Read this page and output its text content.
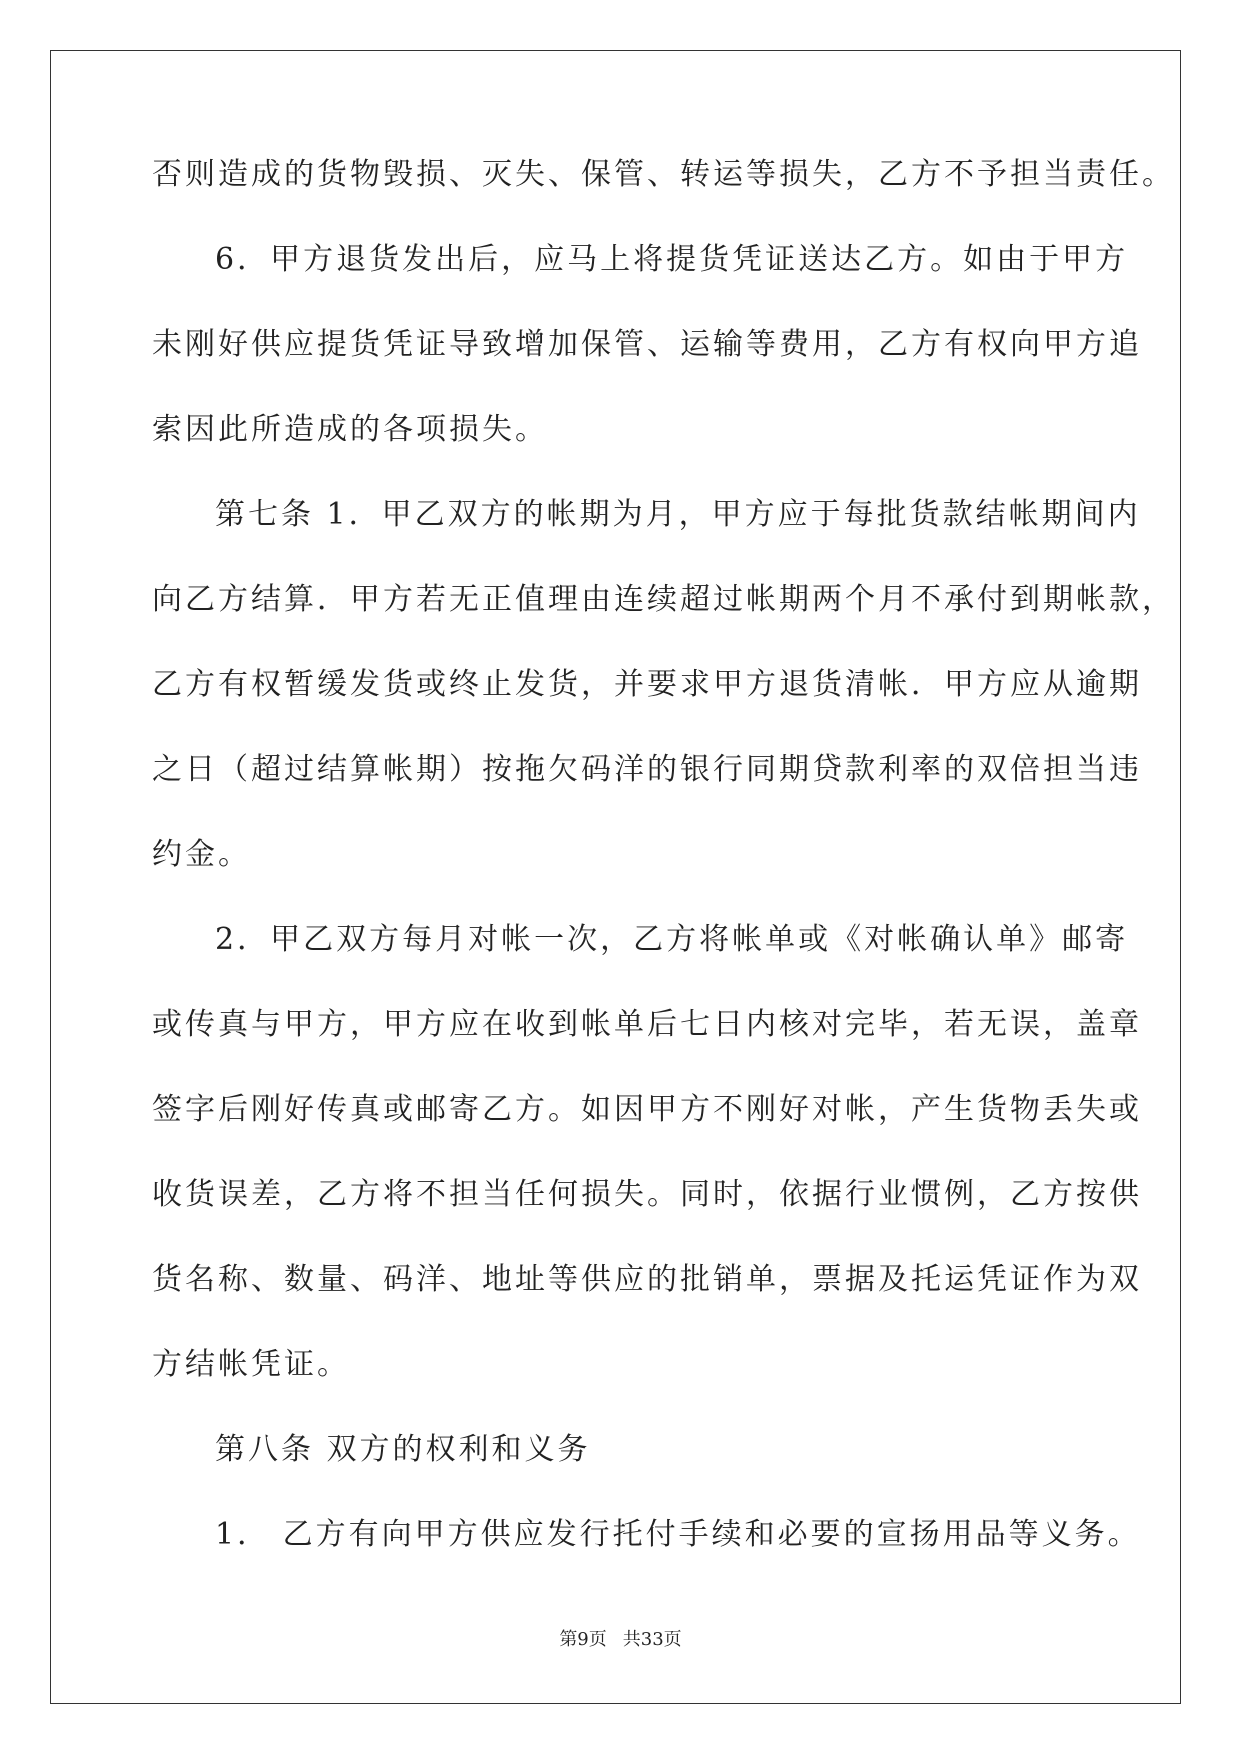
否则造成的货物毁损、灭失、保管、转运等损失，乙方不予担当责任。
6．甲方退货发出后，应马上将提货凭证送达乙方。如由于甲方
未刚好供应提货凭证导致增加保管、运输等费用，乙方有权向甲方追
索因此所造成的各项损失。
第七条 1．甲乙双方的帐期为月，甲方应于每批货款结帐期间内
向乙方结算．甲方若无正值理由连续超过帐期两个月不承付到期帐款，
乙方有权暂缓发货或终止发货，并要求甲方退货清帐．甲方应从逾期
之日（超过结算帐期）按拖欠码洋的银行同期贷款利率的双倍担当违
约金。
2．甲乙双方每月对帐一次，乙方将帐单或《对帐确认单》邮寄
或传真与甲方，甲方应在收到帐单后七日内核对完毕，若无误，盖章
签字后刚好传真或邮寄乙方。如因甲方不刚好对帐，产生货物丢失或
收货误差，乙方将不担当任何损失。同时，依据行业惯例，乙方按供
货名称、数量、码洋、地址等供应的批销单，票据及托运凭证作为双
方结帐凭证。
第八条 双方的权利和义务
1． 乙方有向甲方供应发行托付手续和必要的宣扬用品等义务。
第9页 共33页
